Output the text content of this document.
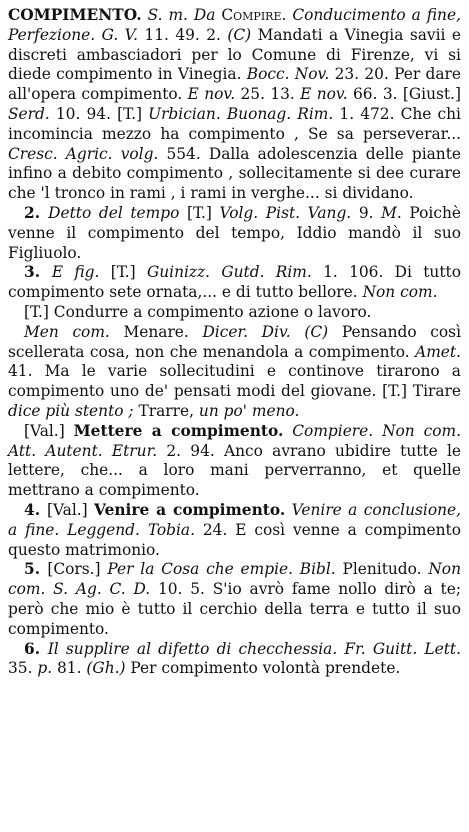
COMPIMENTO. S. m. Da Compire. Conducimento a fine, Perfezione. G. V. 11. 49. 2. (C) Mandati a Vinegia savii e discreti ambasciadori per lo Comune di Firenze, vi si diede compimento in Vinegia. Bocc. Nov. 23. 20. Per dare all'opera compimento. E nov. 25. 13. E nov. 66. 3. [Giust.] Serd. 10. 94. [T.] Urbician. Buonag. Rim. 1. 472. Che chi incomincia mezzo ha compimento , Se sa perseverar... Cresc. Agric. volg. 554. Dalla adolescenzia delle piante infino a debito compimento , sollecitamente si dee curare che 'l tronco in rami , i rami in verghe... si dividano.

2. Detto del tempo [T.] Volg. Pist. Vang. 9. M. Poichè venne il compimento del tempo, Iddio mandò il suo Figliuolo.

3. E fig. [T.] Guinizz. Gutd. Rim. 1. 106. Di tutto compimento sete ornata,... e di tutto bellore. Non com.

[T.] Condurre a compimento azione o lavoro.

Men com. Menare. Dicer. Div. (C) Pensando così scellerata cosa, non che menandola a compimento. Amet. 41. Ma le varie sollecitudini e continove tirarono a compimento uno de' pensati modi del giovane. [T.] Tirare dice più stento ; Trarre, un po' meno.

[Val.] Mettere a compimento. Compiere. Non com. Att. Autent. Etrur. 2. 94. Anco avrano ubidire tutte le lettere, che... a loro mani perverranno, et quelle mettrano a compimento.

4. [Val.] Venire a compimento. Venire a conclusione, a fine. Leggend. Tobia. 24. E così venne a compimento questo matrimonio.

5. [Cors.] Per la Cosa che empie. Bibl. Plenitudo. Non com. S. Ag. C. D. 10. 5. S'io avrò fame nollo dirò a te; però che mio è tutto il cerchio della terra e tutto il suo compimento.

6. Il supplire al difetto di checchessia. Fr. Guitt. Lett. 35. p. 81. (Gh.) Per compimento volontà prendete.
